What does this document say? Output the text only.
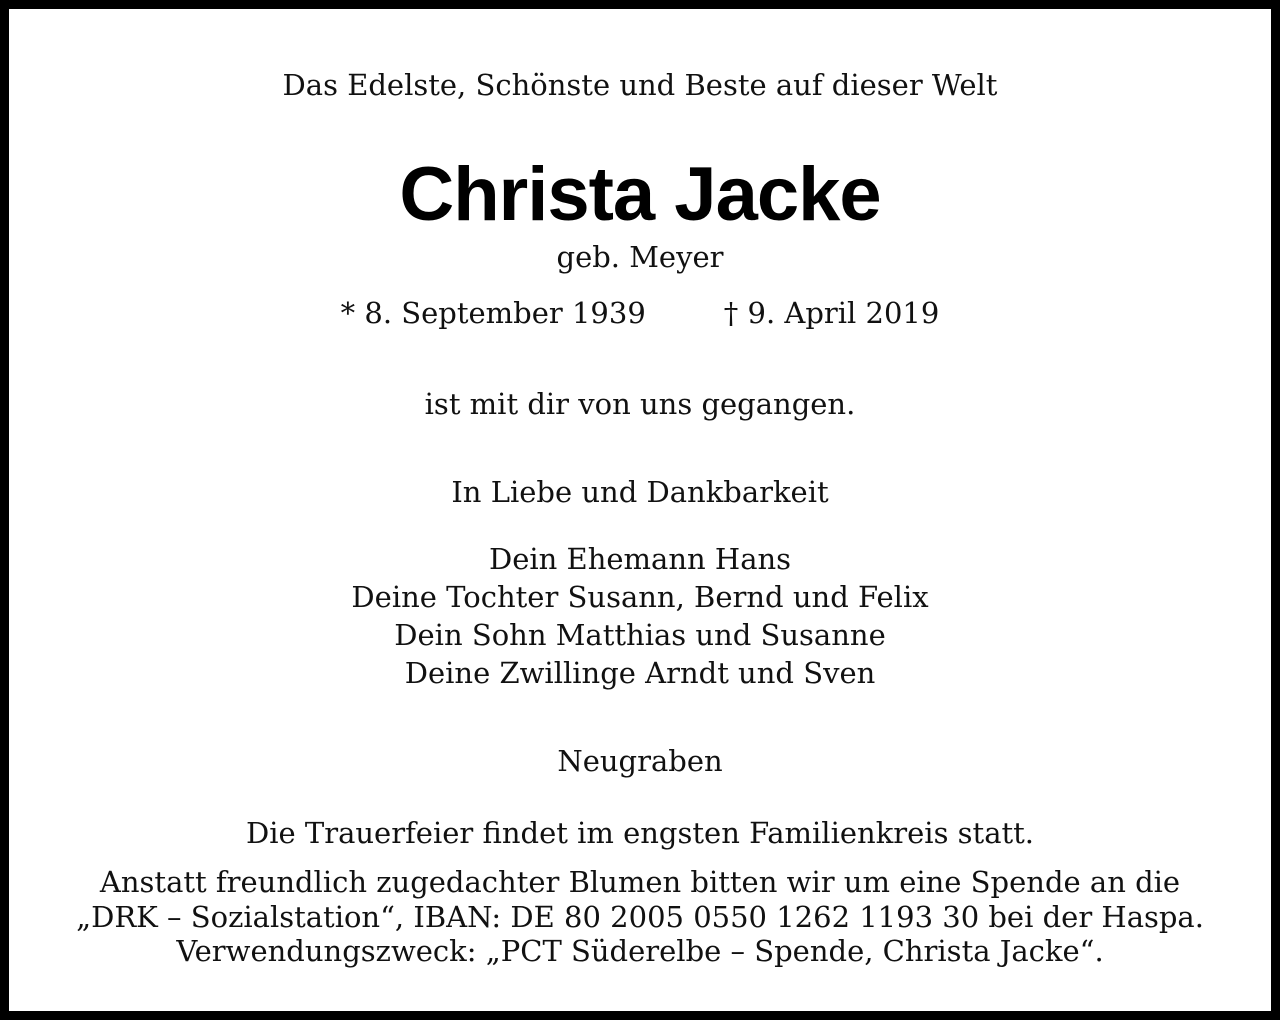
Das Edelste, Schönste und Beste auf dieser Welt
Christa Jacke
geb. Meyer
* 8. September 1939	† 9. April 2019
ist mit dir von uns gegangen.
In Liebe und Dankbarkeit
Dein Ehemann Hans
Deine Tochter Susann, Bernd und Felix
Dein Sohn Matthias und Susanne
Deine Zwillinge Arndt und Sven
Neugraben
Die Trauerfeier findet im engsten Familienkreis statt.
Anstatt freundlich zugedachter Blumen bitten wir um eine Spende an die
„DRK – Sozialstation“, IBAN: DE 80 2005 0550 1262 1193 30 bei der Haspa.
Verwendungszweck: „PCT Süderelbe – Spende, Christa Jacke“.
